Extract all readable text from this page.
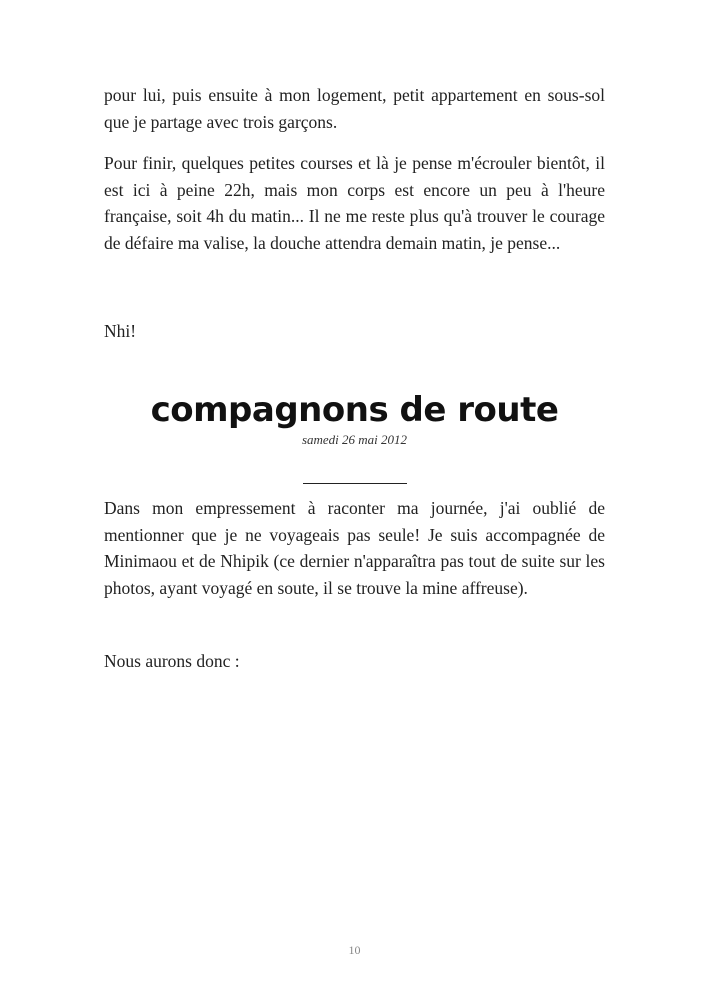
pour lui, puis ensuite à mon logement, petit appartement en sous-sol que je partage avec trois garçons.

Pour finir, quelques petites courses et là je pense m'écrouler bientôt, il est ici à peine 22h, mais mon corps est encore un peu à l'heure française, soit 4h du matin... Il ne me reste plus qu'à trouver le courage de défaire ma valise, la douche attendra demain matin, je pense...

Nhi!

compagnons de route
samedi 26 mai 2012

Dans mon empressement à raconter ma journée, j'ai oublié de mentionner que je ne voyageais pas seule! Je suis accompagnée de Minimaou et de Nhipik (ce dernier n'apparaîtra pas tout de suite sur les photos, ayant voyagé en soute, il se trouve la mine affreuse).

Nous aurons donc :

10
